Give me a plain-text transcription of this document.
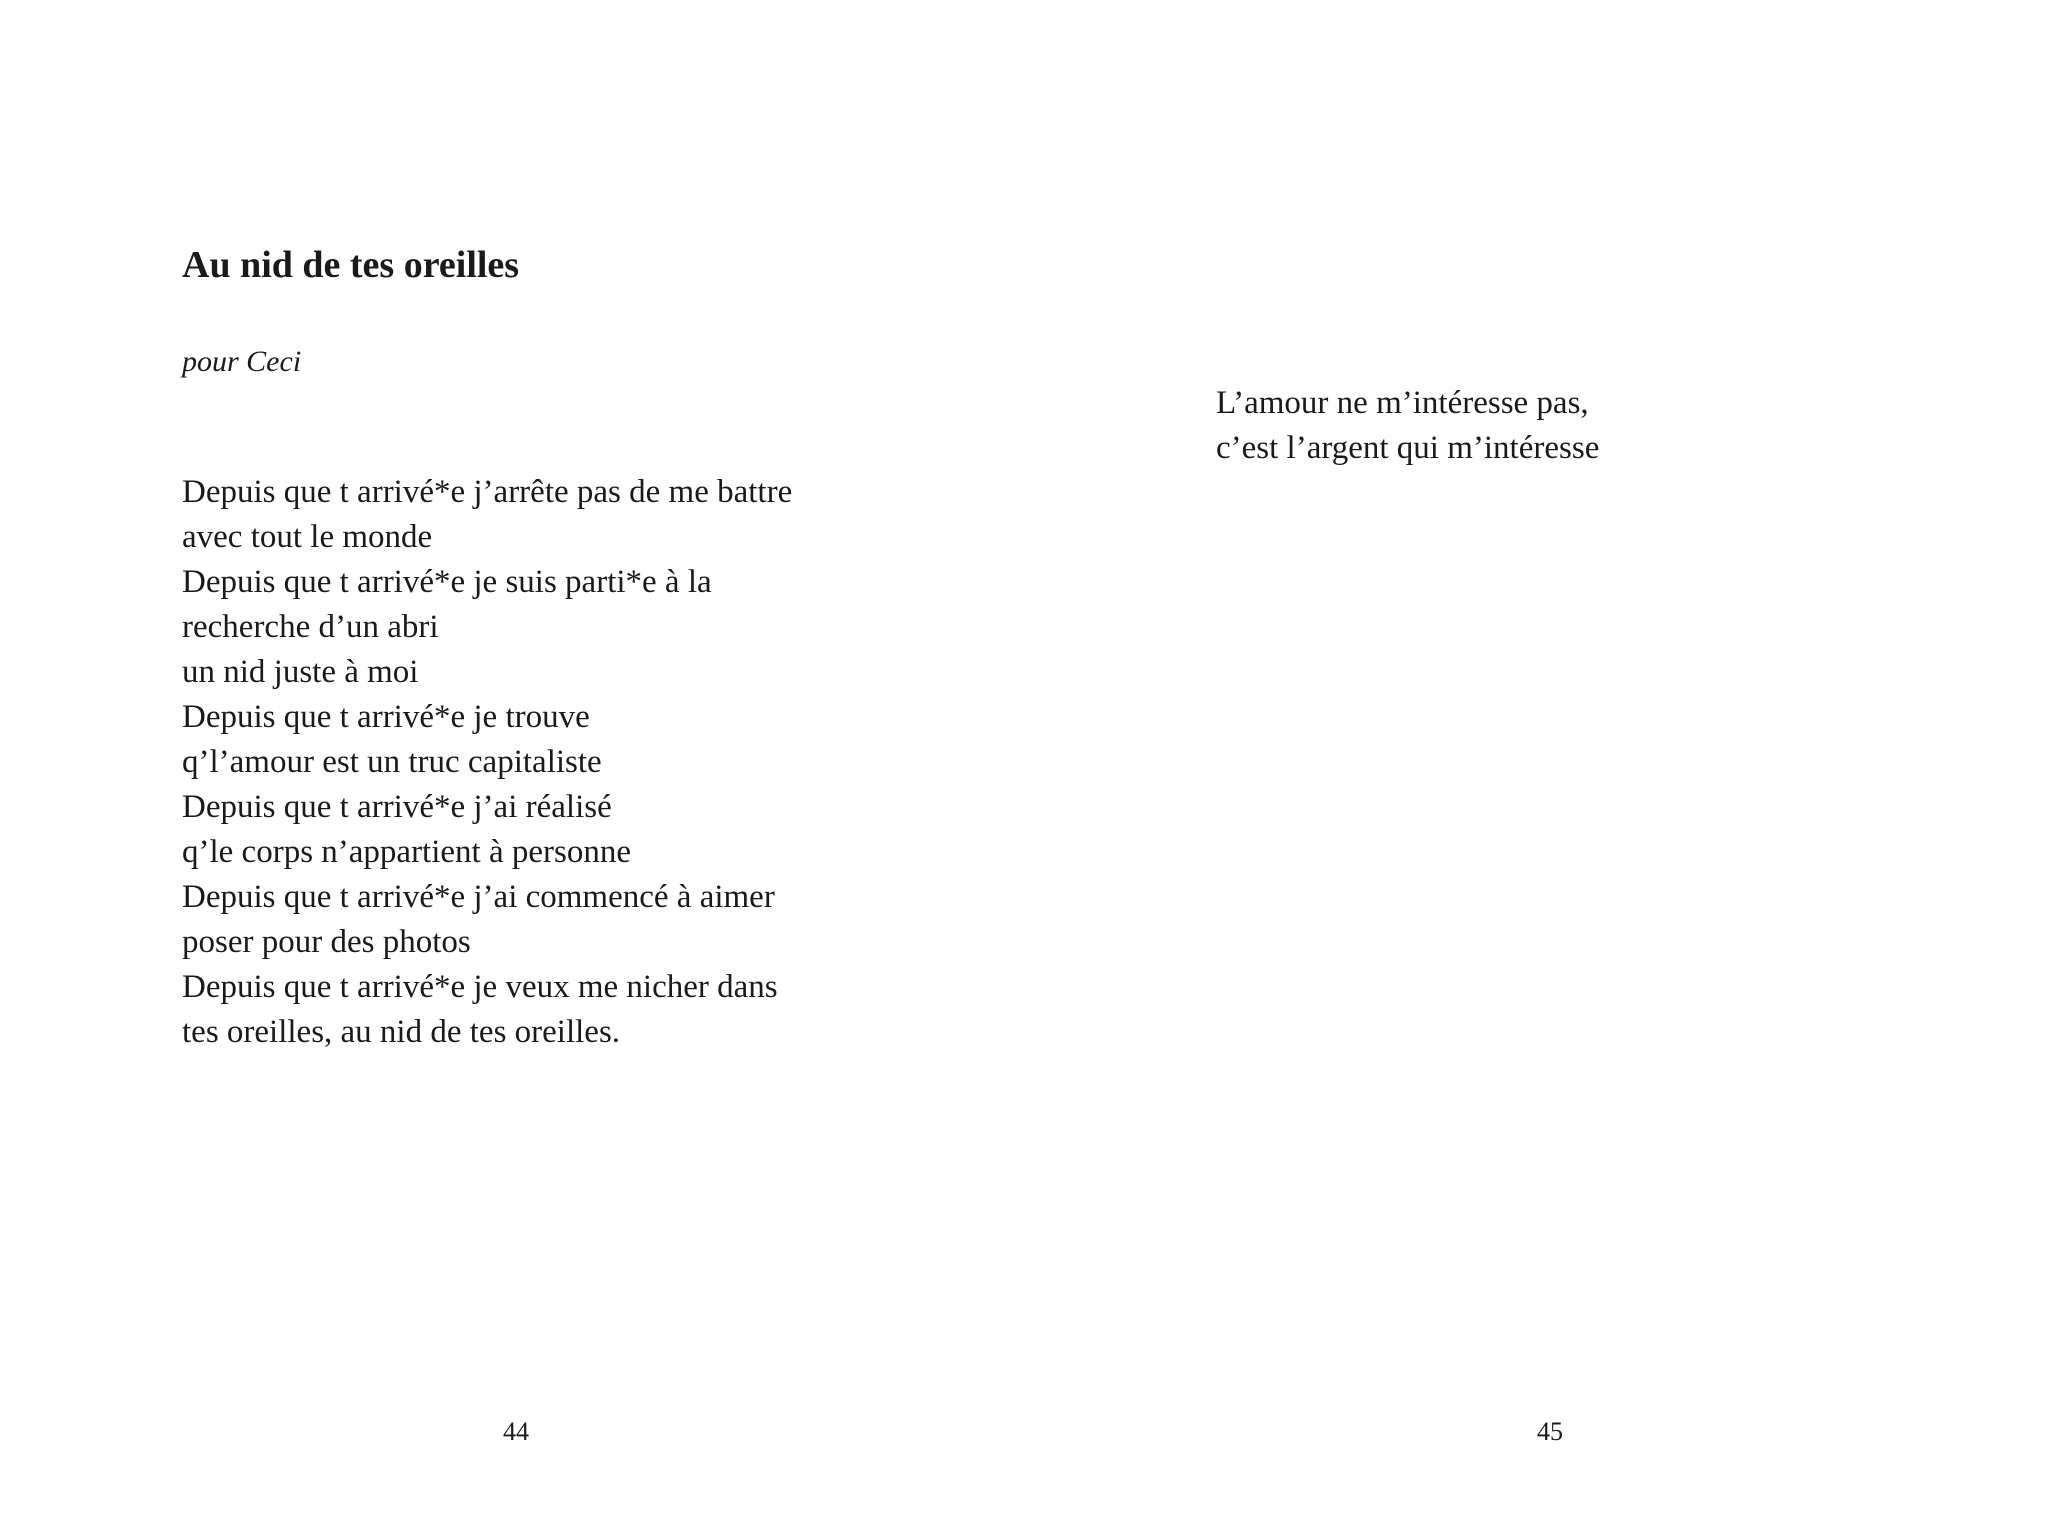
Au nid de tes oreilles

pour Ceci

Depuis que t arrivé*e j’arrête pas de me battre
avec tout le monde
Depuis que t arrivé*e je suis parti*e à la
recherche d’un abri
un nid juste à moi
Depuis que t arrivé*e je trouve
q’l’amour est un truc capitaliste
Depuis que t arrivé*e j’ai réalisé
q’le corps n’appartient à personne
Depuis que t arrivé*e j’ai commencé à aimer
poser pour des photos
Depuis que t arrivé*e je veux me nicher dans
tes oreilles, au nid de tes oreilles.

44

L’amour ne m’intéresse pas,
c’est l’argent qui m’intéresse

45
